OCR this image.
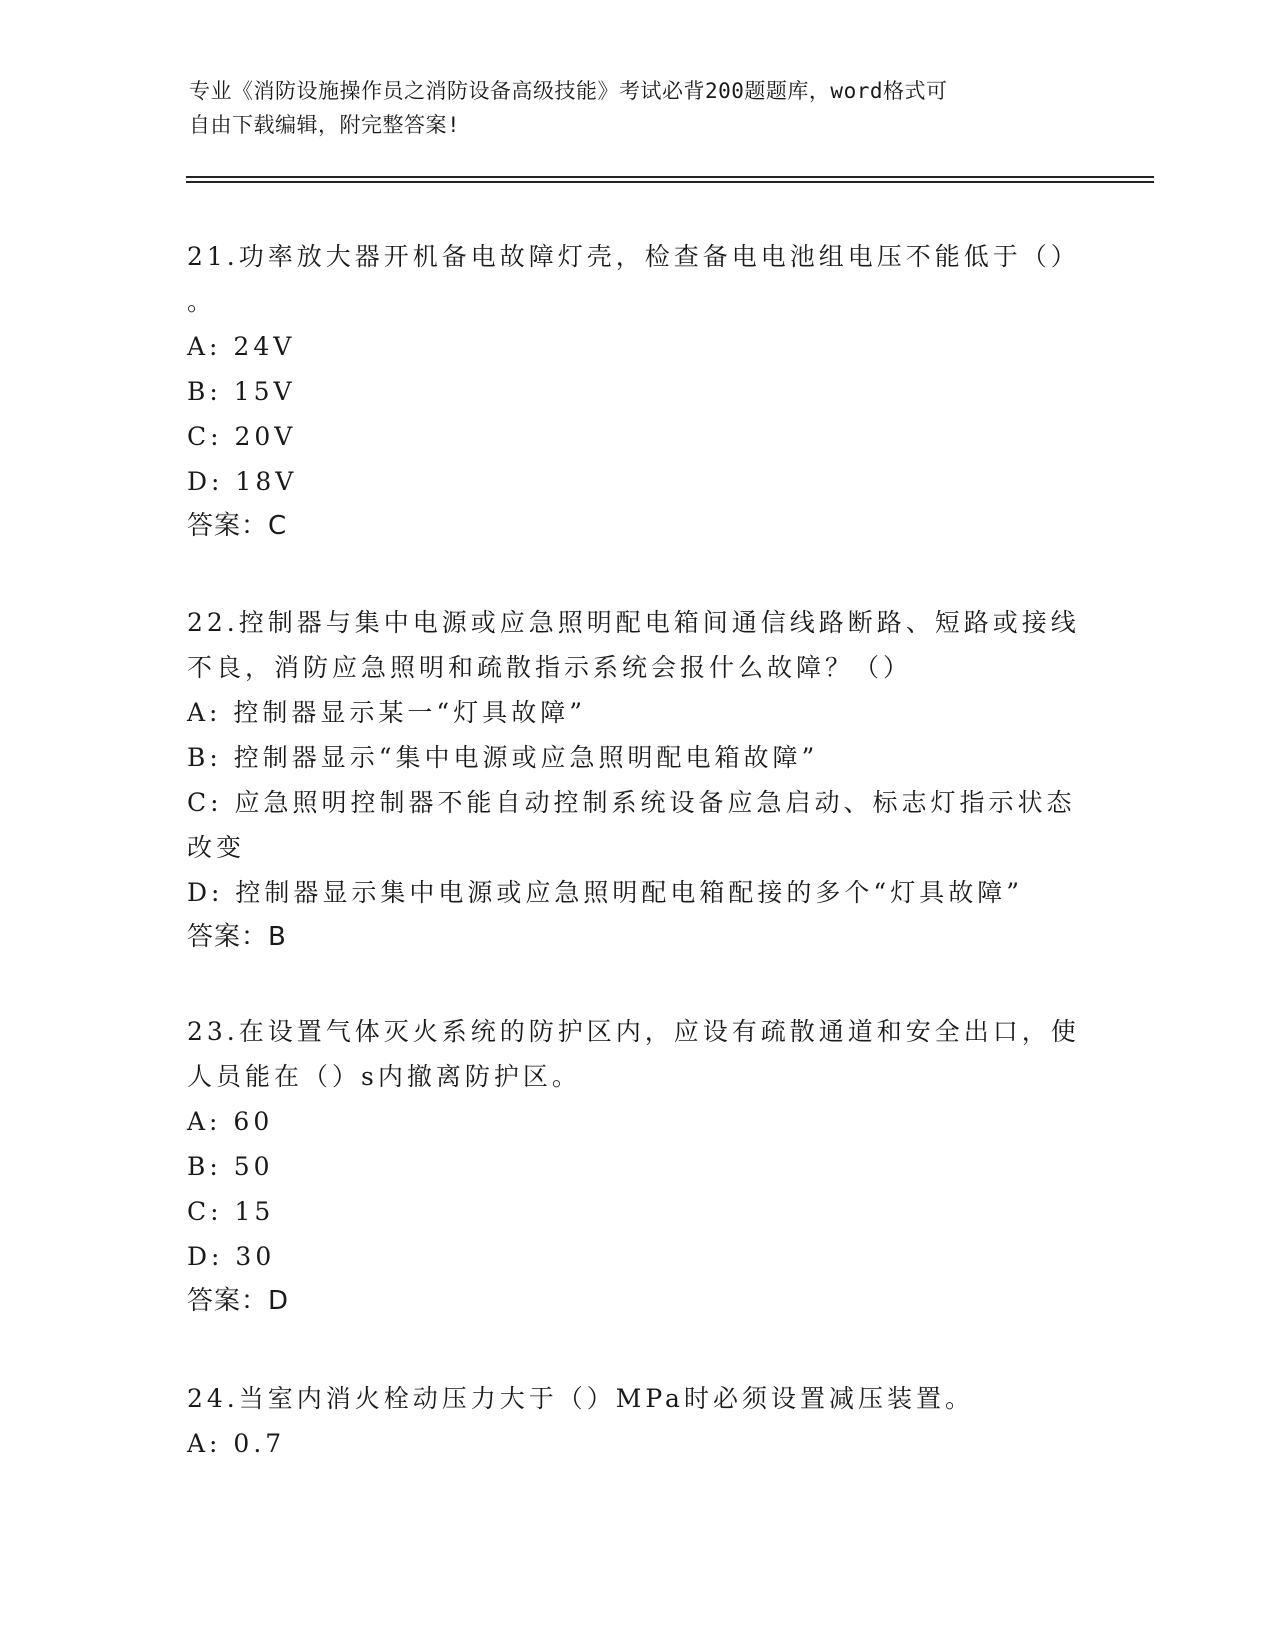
专业《消防设施操作员之消防设备高级技能》考试必背200题题库，word格式可
自由下载编辑，附完整答案!
21.功率放大器开机备电故障灯壳，检查备电电池组电压不能低于（）
。
A: 24V
B: 15V
C: 20V
D: 18V
答案：C
22.控制器与集中电源或应急照明配电箱间通信线路断路、短路或接线
不良，消防应急照明和疏散指示系统会报什么故障？（）
A: 控制器显示某一“灯具故障”
B: 控制器显示“集中电源或应急照明配电箱故障”
C: 应急照明控制器不能自动控制系统设备应急启动、标志灯指示状态
改变
D: 控制器显示集中电源或应急照明配电箱配接的多个“灯具故障”
答案：B
23.在设置气体灭火系统的防护区内，应设有疏散通道和安全出口，使
人员能在（）s内撤离防护区。
A: 60
B: 50
C: 15
D: 30
答案：D
24.当室内消火栓动压力大于（）MPa时必须设置减压装置。
A: 0.7
